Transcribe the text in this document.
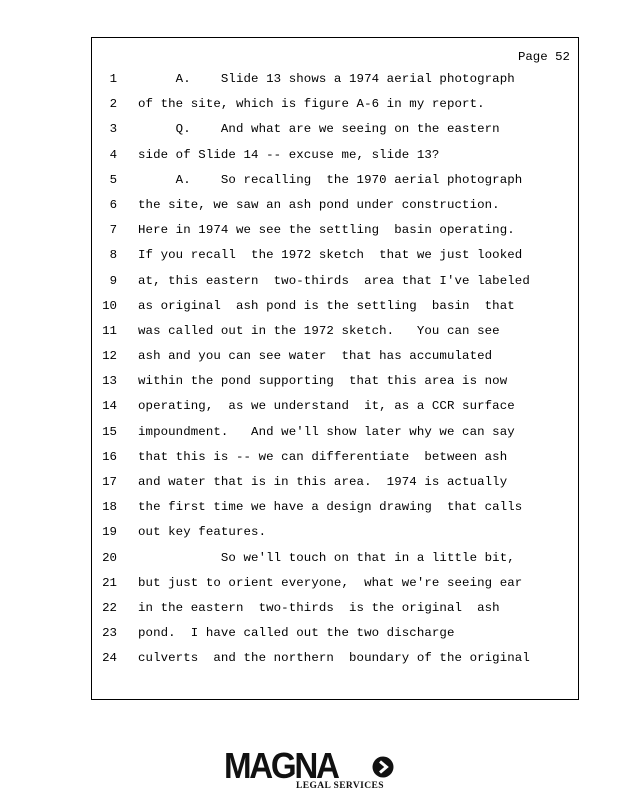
Page 52
1 A.    Slide 13 shows a 1974 aerial photograph
2 of the site, which is figure A-6 in my report.
3 Q.    And what are we seeing on the eastern
4 side of Slide 14 -- excuse me, slide 13?
5 A.    So recalling  the 1970 aerial photograph
6 the site, we saw an ash pond under construction.
7 Here in 1974 we see the settling  basin operating.
8 If you recall  the 1972 sketch  that we just looked
9 at, this eastern  two-thirds  area that I've labeled
10 as original  ash pond is the settling  basin  that
11 was called out in the 1972 sketch.   You can see
12 ash and you can see water  that has accumulated
13 within the pond supporting  that this area is now
14 operating,  as we understand  it, as a CCR surface
15 impoundment.   And we'll show later why we can say
16 that this is -- we can differentiate  between ash
17 and water that is in this area.  1974 is actually
18 the first time we have a design drawing  that calls
19 out key features.
20 So we'll touch on that in a little bit,
21 but just to orient everyone,  what we're seeing ear
22 in the eastern  two-thirds  is the original  ash
23 pond.  I have called out the two discharge
24 culverts  and the northern  boundary of the original
MAGNA
LEGAL SERVICES
